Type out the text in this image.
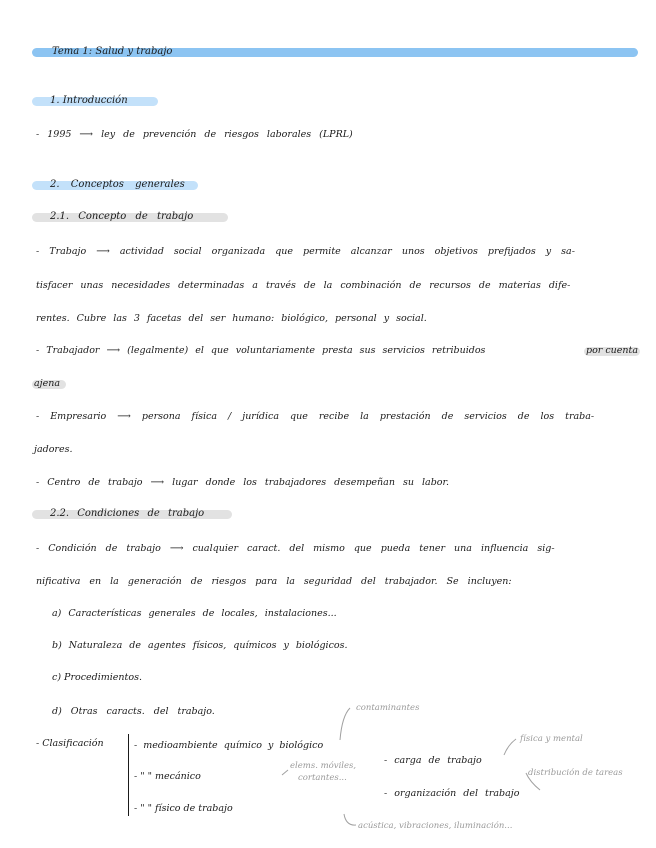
Tema 1: Salud y trabajo
1. Introducción
- 1995 ⟶ ley de prevención de riesgos laborales (LPRL)
2. Conceptos generales
2.1. Concepto de trabajo
- Trabajo ⟶ actividad social organizada que permite alcanzar unos objetivos prefijados y sa-
tisfacer unas necesidades determinadas a través de la combinación de recursos de materias dife-
rentes. Cubre las 3 facetas del ser humano: biológico, personal y social.
- Trabajador ⟶ (legalmente) el que voluntariamente presta sus servicios retribuidos	por cuenta
ajena
- Empresario ⟶ persona física / jurídica que recibe la prestación de servicios de los traba-
jadores.
- Centro de trabajo ⟶ lugar donde los trabajadores desempeñan su labor.
2.2. Condiciones de trabajo
- Condición de trabajo ⟶ cualquier caract. del mismo que pueda tener una influencia sig-
nificativa en la generación de riesgos para la seguridad del trabajador. Se incluyen:
a) Características generales de locales, instalaciones...
b) Naturaleza de agentes físicos, químicos y biológicos.
c) Procedimientos.
d) Otras caracts. del trabajo.
- Clasificación	- medioambiente químico y biológico
- " " mecánico
- " " físico de trabajo
- carga de trabajo
- organización del trabajo
contaminantes
elems. móviles,
cortantes...
acústica, vibraciones, iluminación...
física y mental
distribución de tareas
